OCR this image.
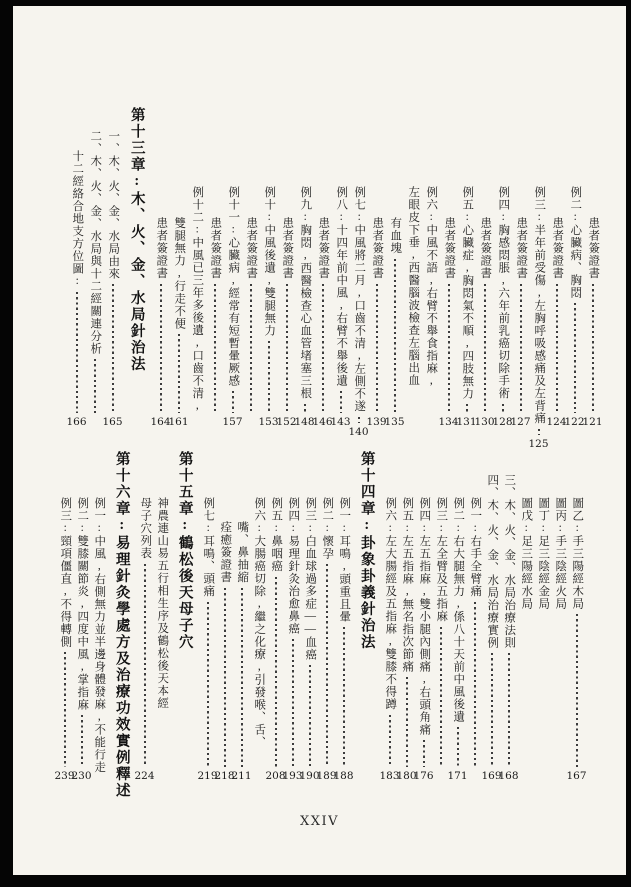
患者簽證書
121
例二:心臟病、胸悶
122
患者簽證書
124
例三:半年前受傷,左胸呼吸感痛及左背痛
125
患者簽證書
127
例四:胸感悶脹,六年前乳癌切除手術
128
患者簽證書
130
例五:心臟症,胸悶氣不順,四肢無力
131
患者簽證書
134
例六:中風不語,右臂不舉食指麻,
左眼皮下垂,西醫腦波檢查左腦出血
有血塊
135
患者簽證書
139
例七:中風將二月,口齒不清,左側不遂
140
例八:十四年前中風,右臂不舉後遺
143
患者簽證書
146
例九:胸悶,西醫檢查心血管堵塞三根
148
患者簽證書
152
例十:中風後遺,雙腿無力
153
患者簽證書
例十一:心臟病,經常有短暫暈厥感
157
患者簽證書
例十二:中風已三年多後遺,口齒不清,
雙腿無力,行走不便
161
患者簽證書
164
第十三章:木、火、金、水局針治法
一、木、火、金、水局由來
165
二、木、火、金、水局與十二經關連分析
十二經絡合地支方位圖:
166
圖乙:手三陽經木局
167
圖丙:手三陰經火局
圖丁:足三陰經金局
圖戊:足三陽經水局
三、木、火、金、水局治療法則
168
四、木、火、金、水局治療實例
169
例一:右手全臂痛
例二:右大腿無力,係八十天前中風後遺
171
例三:左全臂及五指麻
例四:左五指麻,雙小腿內側痛,右頭角痛
176
例五:左五指麻,無名指次節痛
180
例六:左大腸經及五指麻,雙膝不得蹲
183
第十四章:卦象卦義針治法
例一:耳鳴,頭重且暈
188
例二:懷孕
189
例三:白血球過多症——血癌
190
例四:易理針灸治愈鼻癌
193
例五:鼻咽癌
208
例六:大腸癌切除,繼之化療,引發喉、舌、
嘴、鼻抽縮
211
痊癒簽證書
218
例七:耳鳴、頭痛
219
第十五章:鶴松後天母子穴
神農連山易五行相生序及鶴松後天本經
母子穴列表
224
第十六章:易理針灸學處方及治療功效實例釋述
例一:中風,右側無力並半邊身體發麻,不能行走
例二:雙膝關節炎,四度中風,掌指麻
230
例三:頸項僵直,不得轉側
239
XXIV
